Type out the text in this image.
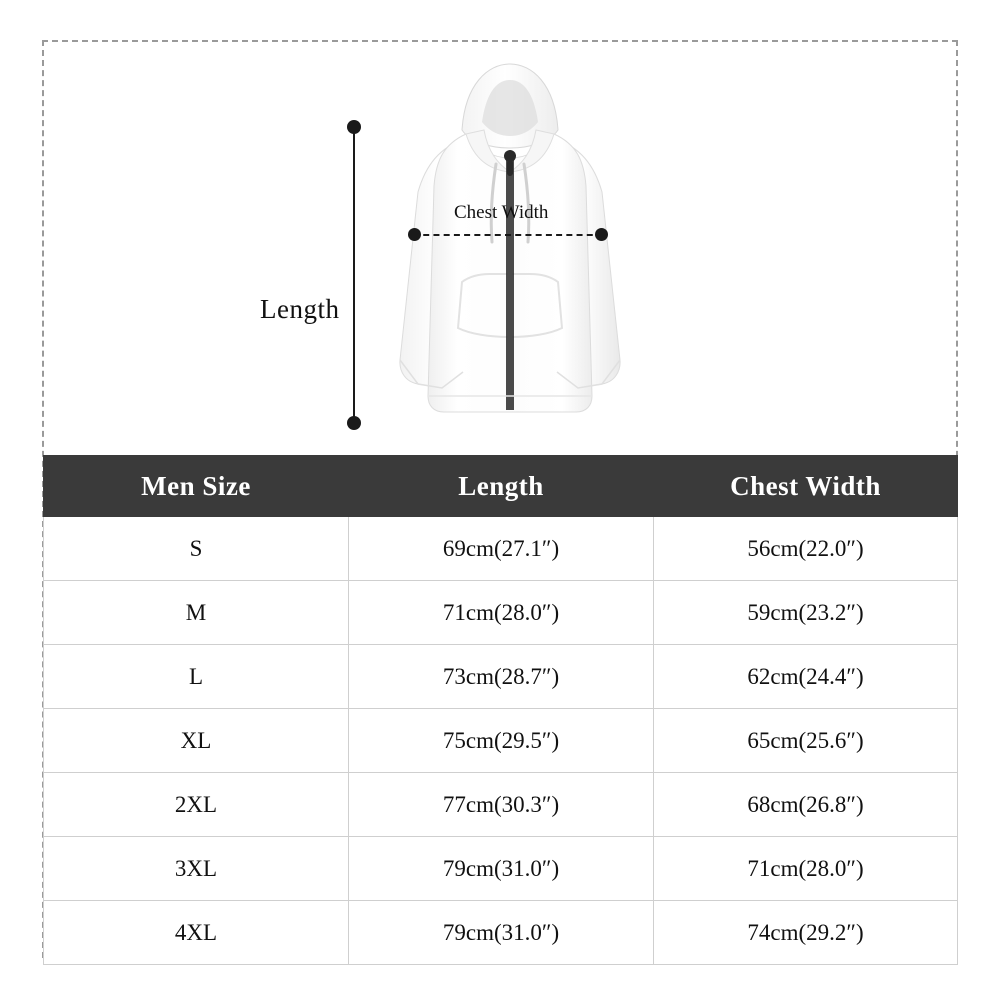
Length
Chest Width
Men Size	Length	Chest Width
S	69cm(27.1″)	56cm(22.0″)
M	71cm(28.0″)	59cm(23.2″)
L	73cm(28.7″)	62cm(24.4″)
XL	75cm(29.5″)	65cm(25.6″)
2XL	77cm(30.3″)	68cm(26.8″)
3XL	79cm(31.0″)	71cm(28.0″)
4XL	79cm(31.0″)	74cm(29.2″)
